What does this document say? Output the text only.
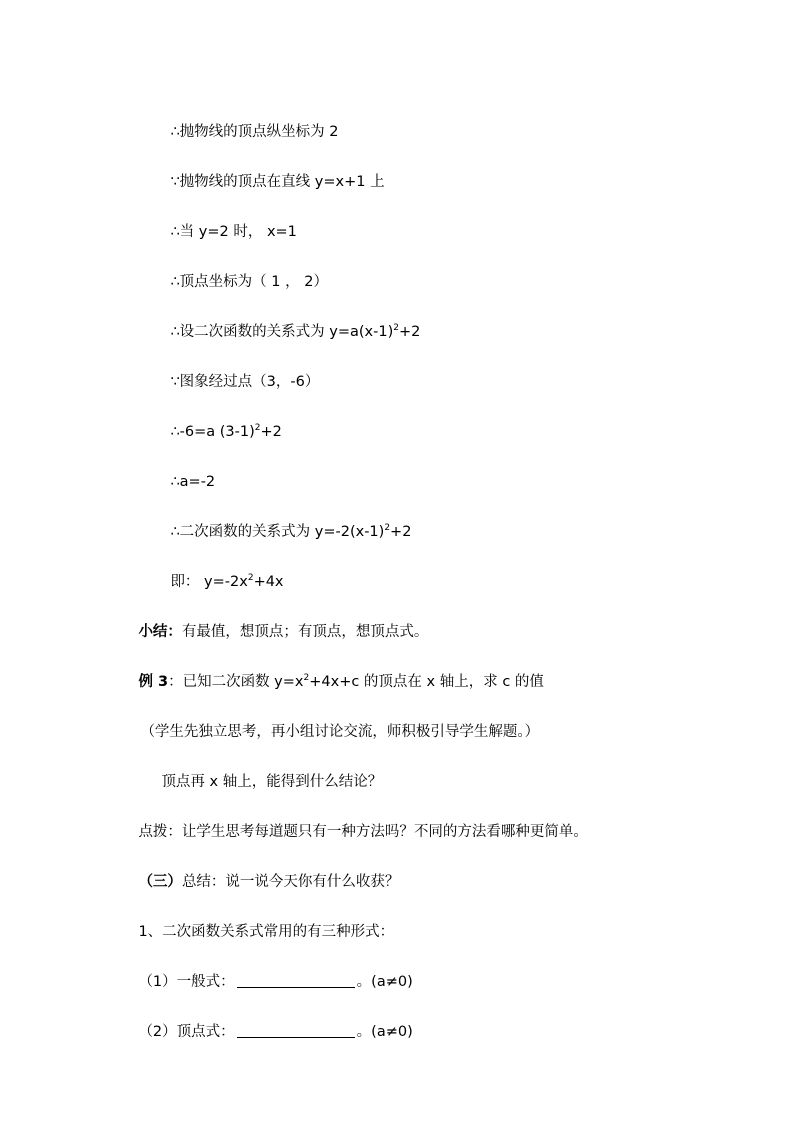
∴抛物线的顶点纵坐标为 2

∵抛物线的顶点在直线 y=x+1 上

∴当 y=2 时， x=1

∴顶点坐标为（ 1 ， 2）

∴设二次函数的关系式为 $y=a(x-1)^2+2$

∵图象经过点（3，-6）

∴-6=a $(3-1)^2+2$

∴a=-2

∴二次函数的关系式为 $y=-2(x-1)^2+2$

即： $y=-2x^2+4x$

小结：有最值，想顶点；有顶点，想顶点式。

例 3：已知二次函数 $y=x^2+4x+c$ 的顶点在 x 轴上，求 c 的值

（学生先独立思考，再小组讨论交流，师积极引导学生解题。）

顶点再 x 轴上，能得到什么结论？

点拨：让学生思考每道题只有一种方法吗？不同的方法看哪种更简单。

（三）总结：说一说今天你有什么收获？

1、二次函数关系式常用的有三种形式：

（1）一般式：	。(a≠0)

（2）顶点式：	。(a≠0)
